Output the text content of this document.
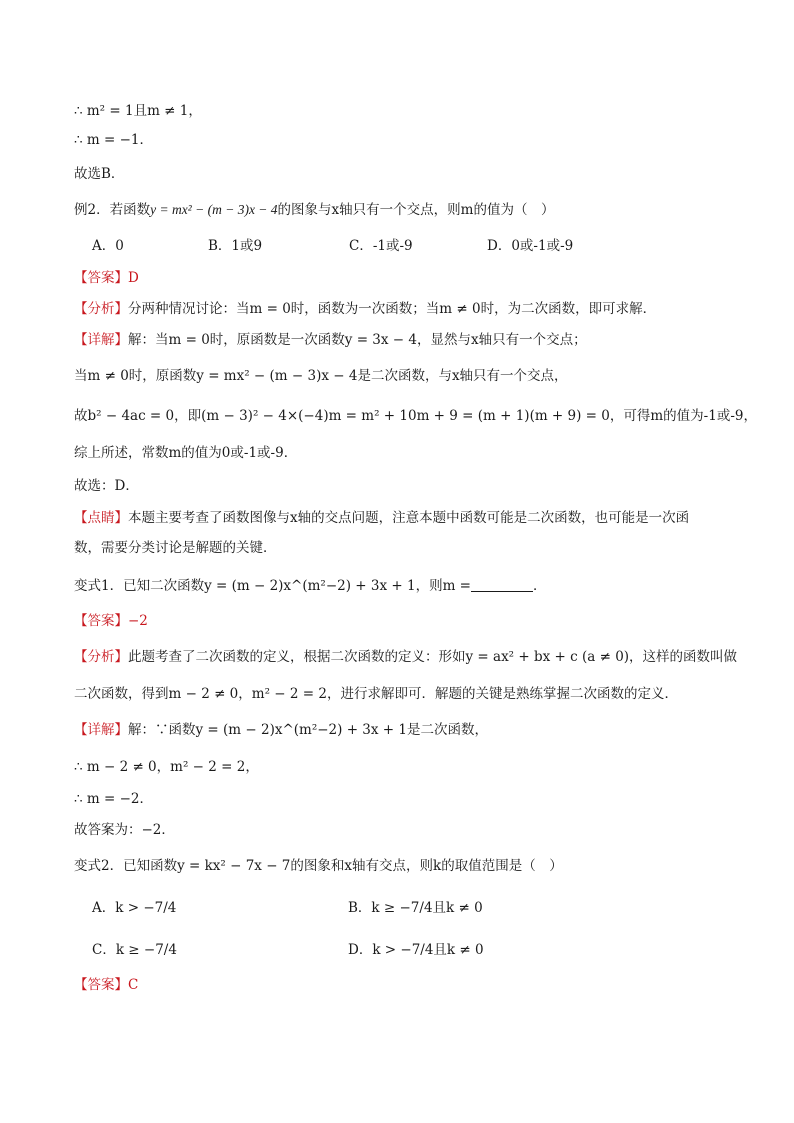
∴ m² = 1且m ≠ 1，
∴ m = −1．
故选B．
例2．若函数y = mx² − (m − 3)x − 4的图象与x轴只有一个交点，则m的值为（　）
A．0	B．1或9	C．-1或-9	D．0或-1或-9
【答案】D
【分析】分两种情况讨论：当m = 0时，函数为一次函数；当m ≠ 0时，为二次函数，即可求解．
【详解】解：当m = 0时，原函数是一次函数y = 3x − 4，显然与x轴只有一个交点；
当m ≠ 0时，原函数y = mx² − (m − 3)x − 4是二次函数，与x轴只有一个交点，
故b² − 4ac = 0，即(m − 3)² − 4×(−4)m = m² + 10m + 9 = (m + 1)(m + 9) = 0，可得m的值为-1或-9，
综上所述，常数m的值为0或-1或-9．
故选：D．
【点睛】本题主要考查了函数图像与x轴的交点问题，注意本题中函数可能是二次函数，也可能是一次函
数，需要分类讨论是解题的关键．
变式1．已知二次函数y = (m − 2)x^(m²−2) + 3x + 1，则m =	．
【答案】−2
【分析】此题考查了二次函数的定义，根据二次函数的定义：形如y = ax² + bx + c (a ≠ 0)，这样的函数叫做
二次函数，得到m − 2 ≠ 0，m² − 2 = 2，进行求解即可．解题的关键是熟练掌握二次函数的定义．
【详解】解：∵函数y = (m − 2)x^(m²−2) + 3x + 1是二次函数，
∴ m − 2 ≠ 0，m² − 2 = 2，
∴ m = −2．
故答案为：−2．
变式2．已知函数y = kx² − 7x − 7的图象和x轴有交点，则k的取值范围是（　）
A．k > −7/4	B．k ≥ −7/4且k ≠ 0
C．k ≥ −7/4	D．k > −7/4且k ≠ 0
【答案】C
